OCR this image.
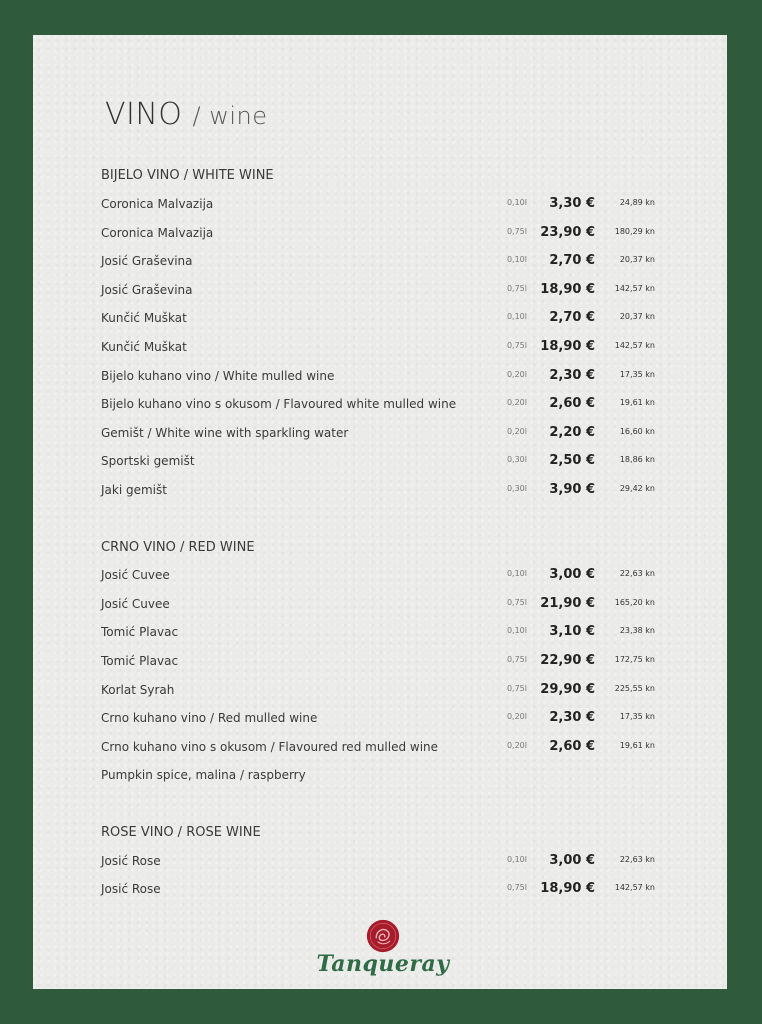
VINO / wine
BIJELO VINO / WHITE WINE
Coronica Malvazija	0,10l 3,30 €	24,89 kn
Coronica Malvazija	0,75l 23,90 € 180,29 kn
Josić Graševina	0,10l 2,70 €	20,37 kn
Josić Graševina	0,75l 18,90 € 142,57 kn
Kunčić Muškat	0,10l 2,70 €	20,37 kn
Kunčić Muškat	0,75l 18,90 € 142,57 kn
Bijelo kuhano vino / White mulled wine	0,20l 2,30 €	17,35 kn
Bijelo kuhano vino s okusom / Flavoured white mulled wine	0,20l 2,60 €	19,61 kn
Gemišt / White wine with sparkling water	0,20l 2,20 €	16,60 kn
Sportski gemišt	0,30l 2,50 €	18,86 kn
Jaki gemišt	0,30l 3,90 €	29,42 kn
CRNO VINO / RED WINE
Josić Cuvee	0,10l 3,00 €	22,63 kn
Josić Cuvee	0,75l 21,90 € 165,20 kn
Tomić Plavac	0,10l 3,10 €	23,38 kn
Tomić Plavac	0,75l 22,90 € 172,75 kn
Korlat Syrah	0,75l 29,90 € 225,55 kn
Crno kuhano vino / Red mulled wine	0,20l 2,30 €	17,35 kn
Crno kuhano vino s okusom / Flavoured red mulled wine	0,20l 2,60 €	19,61 kn
Pumpkin spice, malina / raspberry
ROSE VINO / ROSE WINE
Josić Rose	0,10l 3,00 €	22,63 kn
Josić Rose	0,75l 18,90 € 142,57 kn
Tanqueray
